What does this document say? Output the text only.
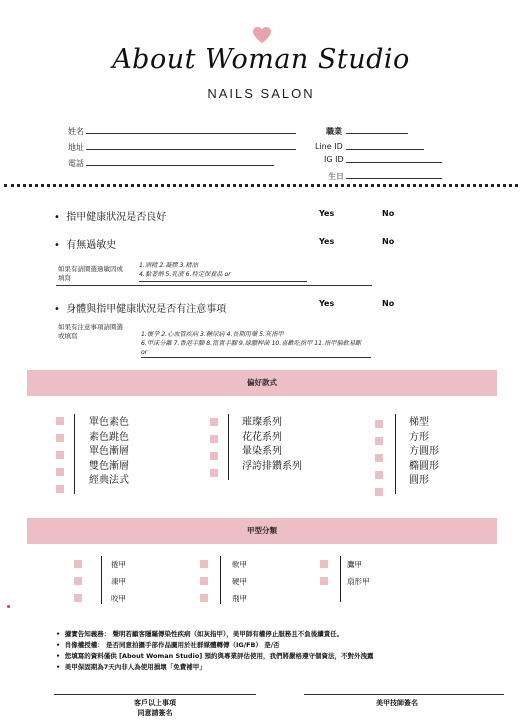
About Woman Studio
NAILS SALON
姓名
地址
電話
職業
Line ID
IG ID
生日
•  指甲健康狀況是否良好	Yes	No
•  有無過敏史	Yes	No
如果有請圈選過敏因或
填寫
1.酒精 2.凝膠 3.精油
4.黏著劑 5.乳液 6.特定保養品 or
•  身體與指甲健康狀況是否有注意事項
Yes	No
如果有注意事項請圈選
或填寫	1.懷孕 2.心血管疾病 3.糖尿病 4.長期用藥 5.灰指甲
6.甲床分離 7.香港手腳 8.富貴手腳 9.綠膿桿菌 10.喜歡吃指甲 11.指甲偏軟易斷
or
偏好款式
單色素色
素色跳色
單色漸層
雙色漸層
經典法式
璀璨系列
花花系列
暈染系列
浮誇排鑽系列
梯型
方形
方圓形
橢圓形
圓形
甲型分類
捲甲
凍甲
咬甲
軟甲
硬甲
飛甲
鷹甲
扇形甲
•  據實告知義務： 聲明若顧客隱瞞傳染性疾病（如灰指甲），美甲師有權停止服務且不負後續責任。
•  肖像權授權： 是否同意拍攝手部作品圖用於社群媒體轉傳（IG/FB） 是/否
•  您填寫的資料僅供 [About Woman Studio] 預約與專業評估使用，我們將嚴格遵守個資法，不對外洩露
•  美甲保固期為7天內非人為使用損壞「免費補甲」
客戶以上事項
同意請簽名
美甲技師簽名
